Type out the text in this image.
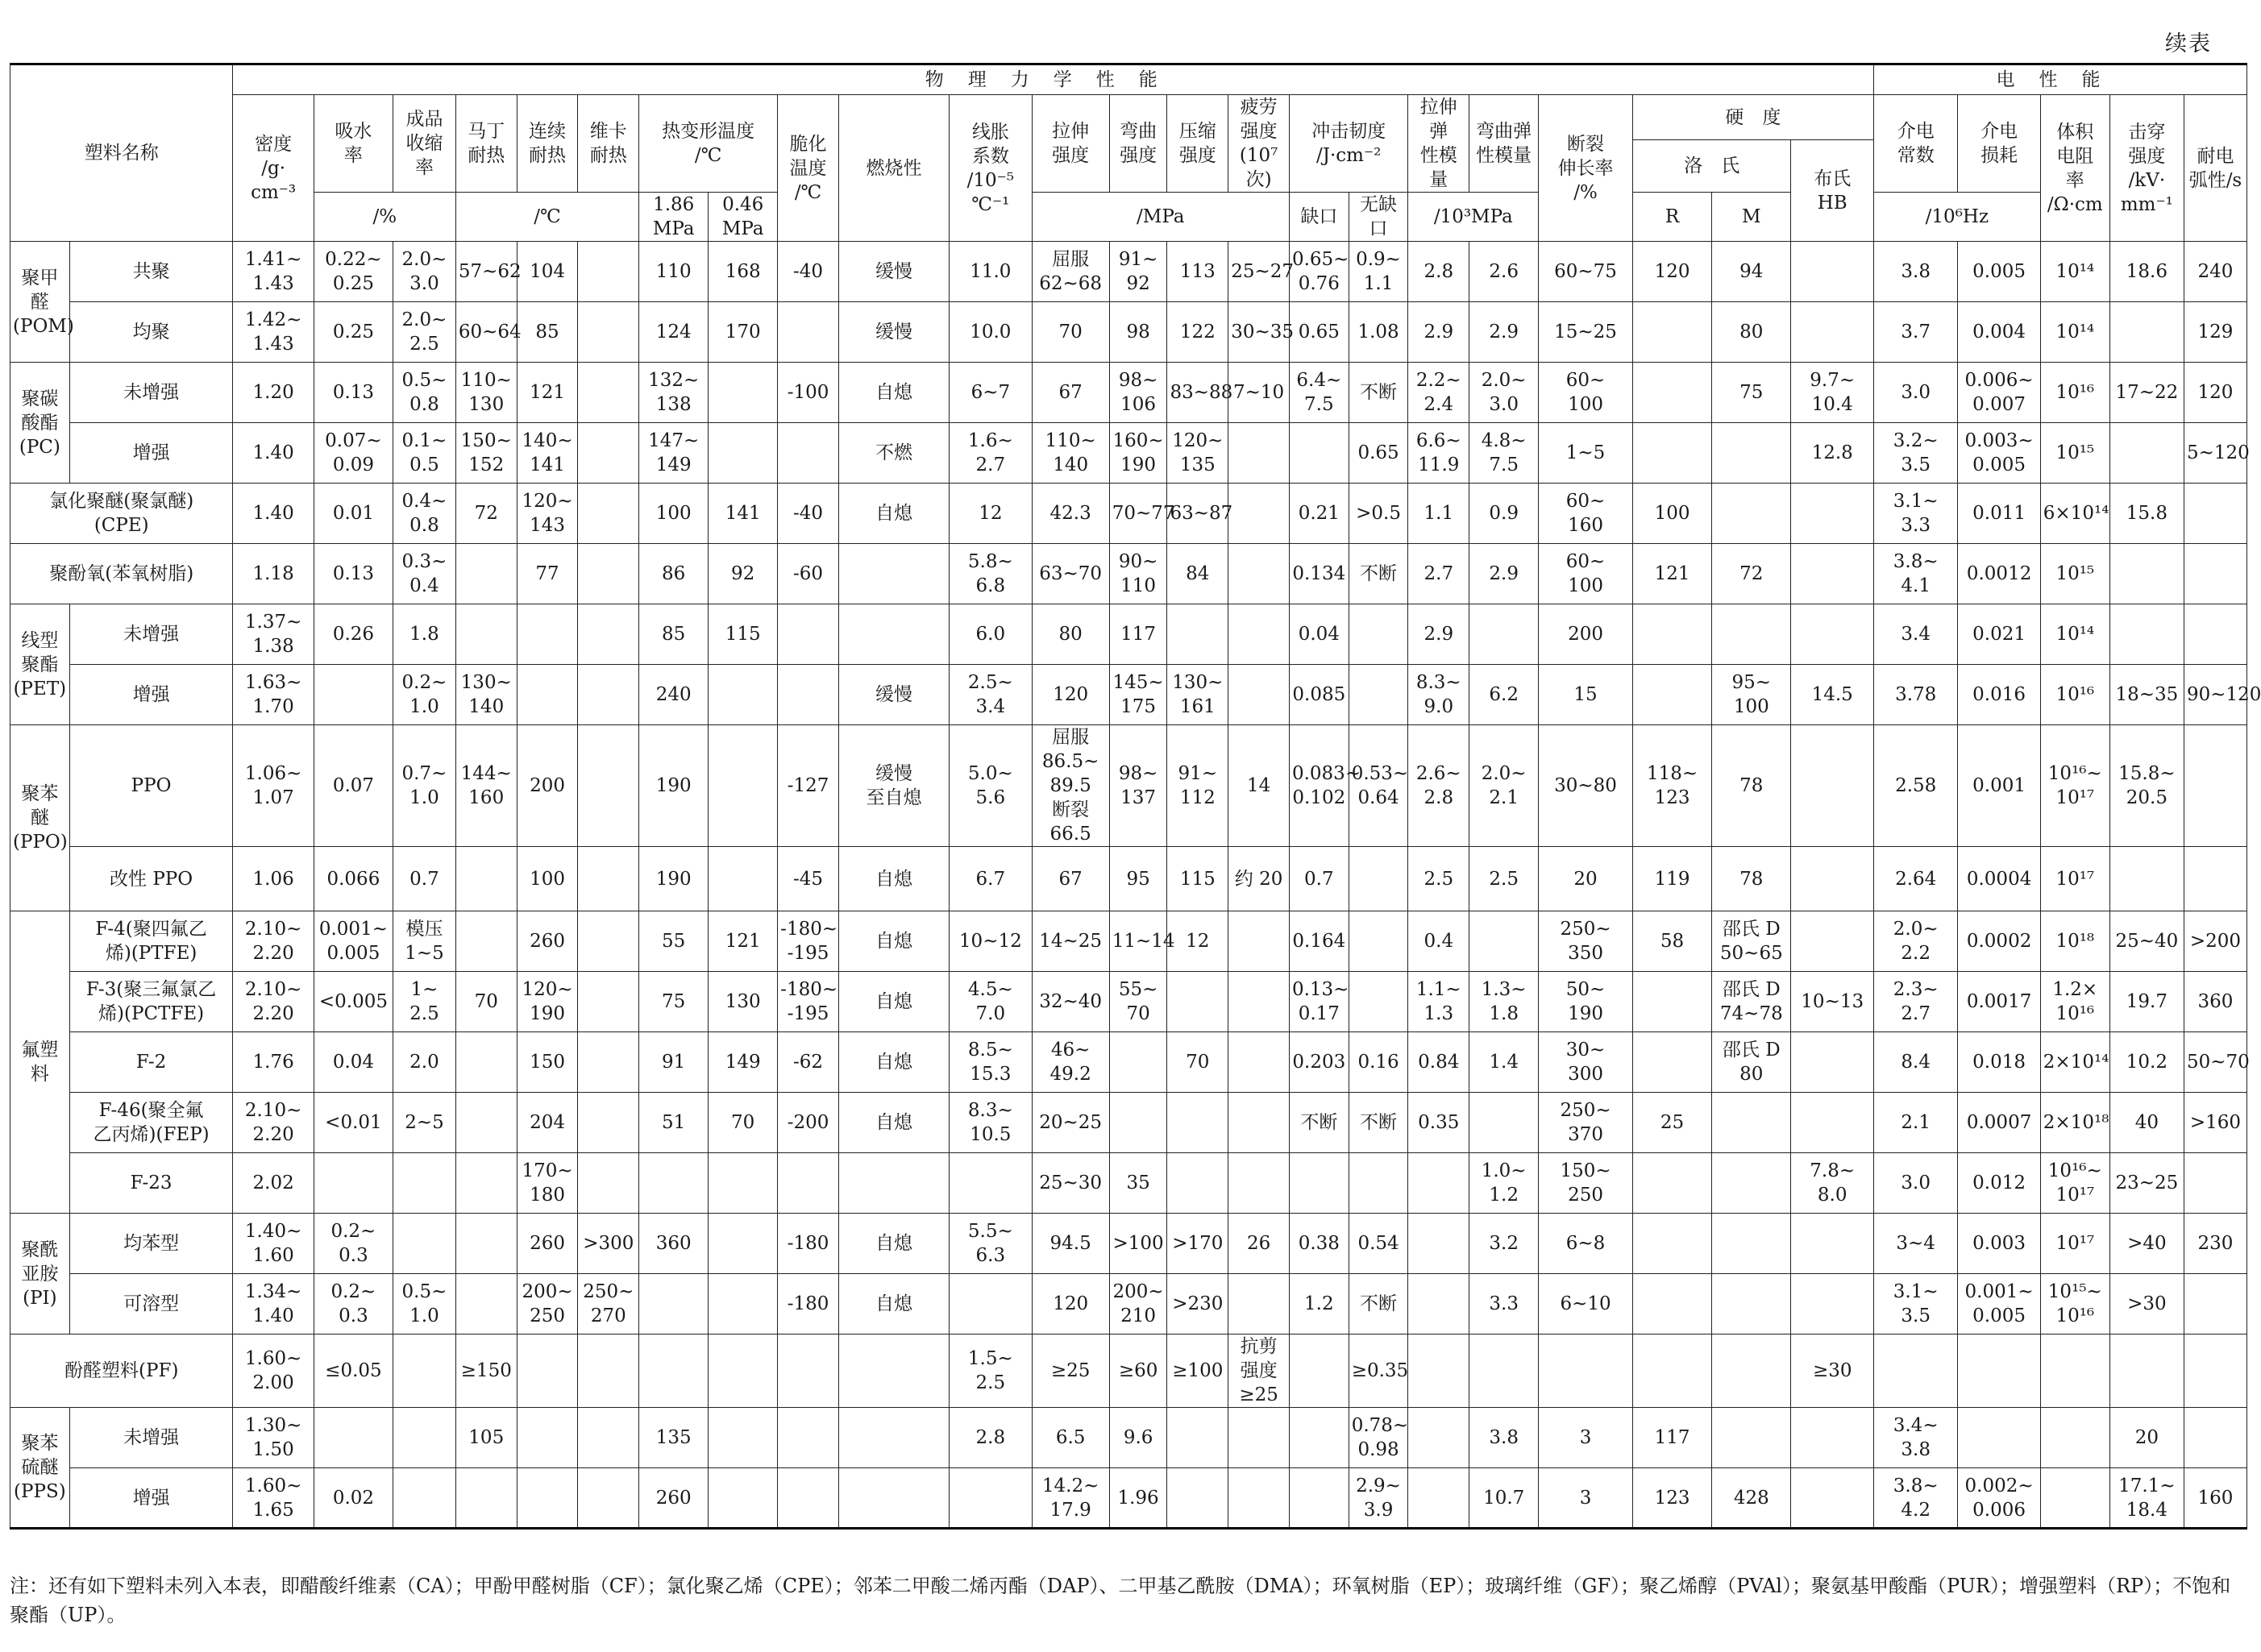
续表
塑料名称		物理力学性能																							电性能				
		密度
/g·
cm⁻³	吸水
率	成品
收缩
率	马丁
耐热	连续
耐热	维卡
耐热	热变形温度
/℃		脆化
温度
/℃	燃烧性	线胀
系数
/10⁻⁵
℃⁻¹	拉伸
强度	弯曲
强度	压缩
强度	疲劳
强度
(10⁷次)	冲击韧度
/J·cm⁻²		拉伸弹
性模量	弯曲弹
性模量	断裂
伸长率
/%	硬　度			介电
常数	介电
损耗	体积
电阻
率
/Ω·cm	击穿
强度
/kV·
mm⁻¹	耐电
弧性/s
																						洛　氏		布氏
HB					
			/%		/℃			1.86
MPa	0.46
MPa				/MPa				缺口	无缺口	/10³MPa			R	M		/10⁶Hz				
聚甲醛
(POM)	共聚	1.41~
1.43	0.22~
0.25	2.0~
3.0	57~62	104		110	168	-40	缓慢	11.0	屈服
62~68	91~
92	113	25~27	0.65~
0.76	0.9~
1.1	2.8	2.6	60~75	120	94		3.8	0.005	10¹⁴	18.6	240
	均聚	1.42~
1.43	0.25	2.0~
2.5	60~64	85		124	170		缓慢	10.0	70	98	122	30~35	0.65	1.08	2.9	2.9	15~25		80		3.7	0.004	10¹⁴		129
聚碳
酸酯
(PC)	未增强	1.20	0.13	0.5~
0.8	110~
130	121		132~
138		-100	自熄	6~7	67	98~
106	83~88	7~10	6.4~
7.5	不断	2.2~
2.4	2.0~
3.0	60~
100		75	9.7~
10.4	3.0	0.006~
0.007	10¹⁶	17~22	120
	增强	1.40	0.07~
0.09	0.1~
0.5	150~
152	140~
141		147~
149			不燃	1.6~
2.7	110~
140	160~
190	120~
135			0.65	6.6~
11.9	4.8~
7.5	1~5			12.8	3.2~
3.5	0.003~
0.005	10¹⁵		5~120
氯化聚醚(聚氯醚)
(CPE)		1.40	0.01	0.4~
0.8	72	120~
143		100	141	-40	自熄	12	42.3	70~77	63~87		0.21	>0.5	1.1	0.9	60~
160	100			3.1~
3.3	0.011	6×10¹⁴	15.8	
聚酚氧(苯氧树脂)		1.18	0.13	0.3~
0.4		77		86	92	-60		5.8~
6.8	63~70	90~
110	84		0.134	不断	2.7	2.9	60~
100	121	72		3.8~
4.1	0.0012	10¹⁵		
线型
聚酯
(PET)	未增强	1.37~
1.38	0.26	1.8				85	115			6.0	80	117			0.04		2.9		200				3.4	0.021	10¹⁴		
	增强	1.63~
1.70		0.2~
1.0	130~
140			240			缓慢	2.5~
3.4	120	145~
175	130~
161		0.085		8.3~
9.0	6.2	15		95~
100	14.5	3.78	0.016	10¹⁶	18~35	90~120
聚苯醚
(PPO)	PPO	1.06~
1.07	0.07	0.7~
1.0	144~
160	200		190		-127	缓慢
至自熄	5.0~
5.6	屈服
86.5~
89.5
断裂
66.5	98~
137	91~
112	14	0.083~
0.102	0.53~
0.64	2.6~
2.8	2.0~
2.1	30~80	118~
123	78		2.58	0.001	10¹⁶~
10¹⁷	15.8~
20.5	
	改性 PPO	1.06	0.066	0.7		100		190		-45	自熄	6.7	67	95	115	约 20	0.7		2.5	2.5	20	119	78		2.64	0.0004	10¹⁷		
氟塑料	F-4(聚四氟乙
烯)(PTFE)	2.10~
2.20	0.001~
0.005	模压
1~5		260		55	121	-180~
-195	自熄	10~12	14~25	11~14	12		0.164		0.4		250~
350	58	邵氏 D
50~65		2.0~
2.2	0.0002	10¹⁸	25~40	>200
	F-3(聚三氟氯乙
烯)(PCTFE)	2.10~
2.20	<0.005	1~
2.5	70	120~
190		75	130	-180~
-195	自熄	4.5~
7.0	32~40	55~
70			0.13~
0.17		1.1~
1.3	1.3~
1.8	50~
190		邵氏 D
74~78	10~13	2.3~
2.7	0.0017	1.2×
10¹⁶	19.7	360
	F-2	1.76	0.04	2.0		150		91	149	-62	自熄	8.5~
15.3	46~
49.2		70		0.203	0.16	0.84	1.4	30~
300		邵氏 D
80		8.4	0.018	2×10¹⁴	10.2	50~70
	F-46(聚全氟
乙丙烯)(FEP)	2.10~
2.20	<0.01	2~5		204		51	70	-200	自熄	8.3~
10.5	20~25				不断	不断	0.35		250~
370	25			2.1	0.0007	2×10¹⁸	40	>160
	F-23	2.02				170~
180							25~30	35						1.0~
1.2	150~
250			7.8~
8.0	3.0	0.012	10¹⁶~
10¹⁷	23~25	
聚酰
亚胺
(PI)	均苯型	1.40~
1.60	0.2~
0.3			260	>300	360		-180	自熄	5.5~
6.3	94.5	>100	>170	26	0.38	0.54		3.2	6~8				3~4	0.003	10¹⁷	>40	230
	可溶型	1.34~
1.40	0.2~
0.3	0.5~
1.0		200~
250	250~
270			-180	自熄		120	200~
210	>230		1.2	不断		3.3	6~10				3.1~
3.5	0.001~
0.005	10¹⁵~
10¹⁶	>30	
酚醛塑料(PF)		1.60~
2.00	≤0.05		≥150							1.5~
2.5	≥25	≥60	≥100	抗剪
强度
≥25		≥0.35						≥30					
聚苯
硫醚
(PPS)	未增强	1.30~
1.50			105			135				2.8	6.5	9.6				0.78~
0.98		3.8	3	117			3.4~
3.8			20	
	增强	1.60~
1.65	0.02					260					14.2~
17.9	1.96				2.9~
3.9		10.7	3	123	428		3.8~
4.2	0.002~
0.006		17.1~
18.4	160
注：还有如下塑料未列入本表，即醋酸纤维素（CA）；甲酚甲醛树脂（CF）；氯化聚乙烯（CPE）；邻苯二甲酸二烯丙酯（DAP）、二甲基乙酰胺（DMA）；环氧树脂（EP）；玻璃纤维（GF）；聚乙烯醇（PVAl）；聚氨基甲酸酯（PUR）；增强塑料（RP）；不饱和聚酯（UP）。
